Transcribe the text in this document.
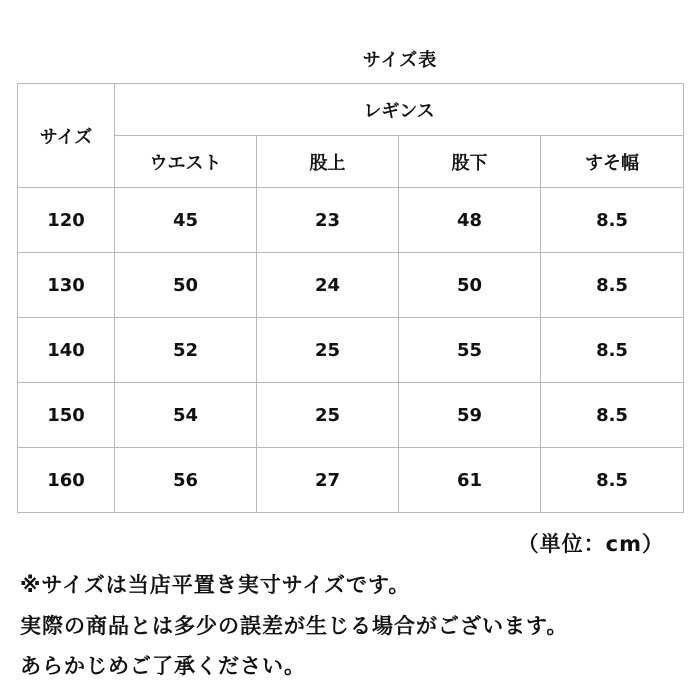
サイズ表
サイズ	レギンス			
	ウエスト	股上	股下	すそ幅
120	45	23	48	8.5
130	50	24	50	8.5
140	52	25	55	8.5
150	54	25	59	8.5
160	56	27	61	8.5
（単位：cm）
※サイズは当店平置き実寸サイズです。
実際の商品とは多少の誤差が生じる場合がございます。
あらかじめご了承ください。
